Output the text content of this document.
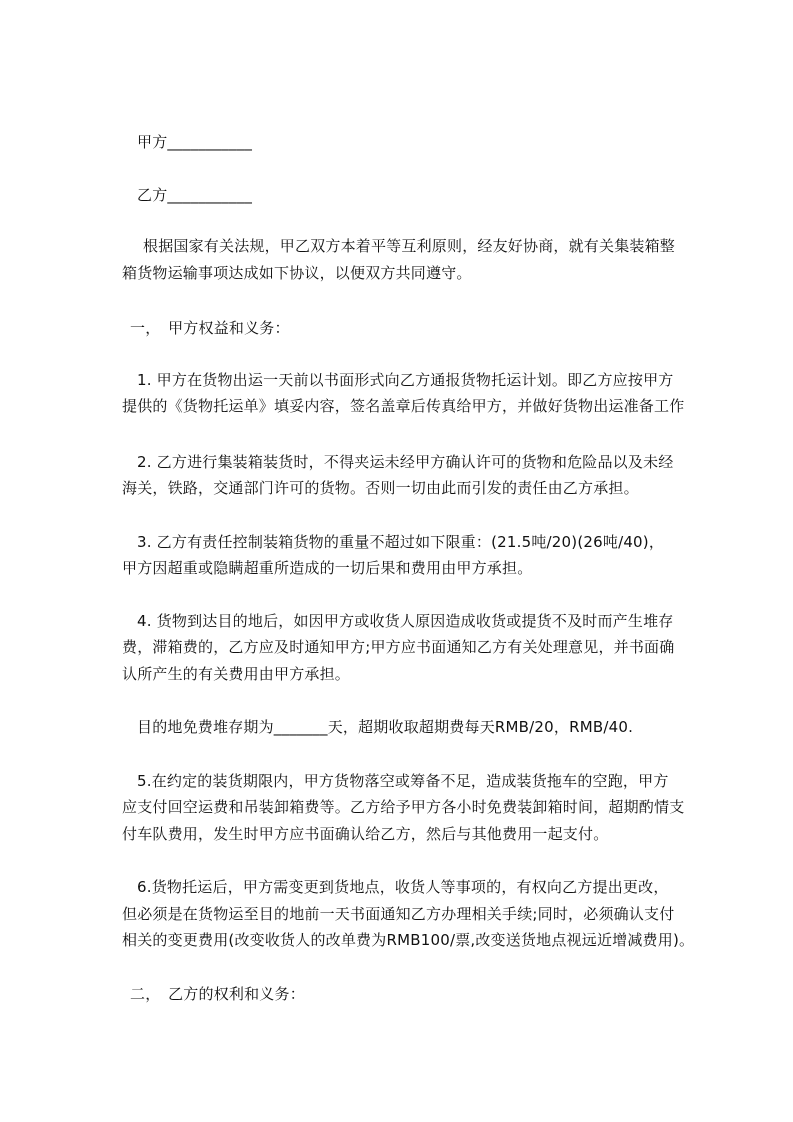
甲方___________
乙方___________
根据国家有关法规，甲乙双方本着平等互利原则，经友好协商，就有关集装箱整
箱货物运输事项达成如下协议，以便双方共同遵守。
一，　甲方权益和义务：
1. 甲方在货物出运一天前以书面形式向乙方通报货物托运计划。即乙方应按甲方
提供的《货物托运单》填妥内容，签名盖章后传真给甲方，并做好货物出运准备工作
2. 乙方进行集装箱装货时，不得夹运未经甲方确认许可的货物和危险品以及未经
海关，铁路，交通部门许可的货物。否则一切由此而引发的责任由乙方承担。
3. 乙方有责任控制装箱货物的重量不超过如下限重：(21.5吨/20)(26吨/40)，
甲方因超重或隐瞒超重所造成的一切后果和费用由甲方承担。
4. 货物到达目的地后，如因甲方或收货人原因造成收货或提货不及时而产生堆存
费，滞箱费的，乙方应及时通知甲方;甲方应书面通知乙方有关处理意见，并书面确
认所产生的有关费用由甲方承担。
目的地免费堆存期为_______天，超期收取超期费每天RMB/20，RMB/40.
5.在约定的装货期限内，甲方货物落空或筹备不足，造成装货拖车的空跑，甲方
应支付回空运费和吊装卸箱费等。乙方给予甲方各小时免费装卸箱时间，超期酌情支
付车队费用，发生时甲方应书面确认给乙方，然后与其他费用一起支付。
6.货物托运后，甲方需变更到货地点，收货人等事项的，有权向乙方提出更改，
但必须是在货物运至目的地前一天书面通知乙方办理相关手续;同时，必须确认支付
相关的变更费用(改变收货人的改单费为RMB100/票,改变送货地点视远近增减费用)。
二，　乙方的权利和义务：
